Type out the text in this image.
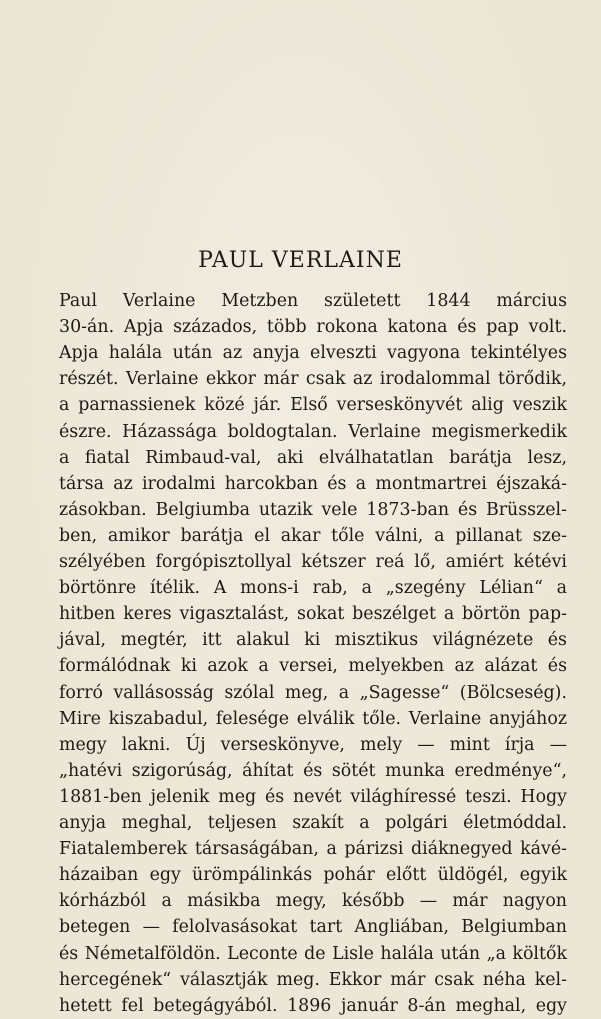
PAUL VERLAINE
Paul Verlaine Metzben született 1844 március
30-án. Apja százados, több rokona katona és pap volt.
Apja halála után az anyja elveszti vagyona tekintélyes
részét. Verlaine ekkor már csak az irodalommal törődik,
a parnassienek közé jár. Első verseskönyvét alig veszik
észre. Házassága boldogtalan. Verlaine megismerkedik
a fiatal Rimbaud-val, aki elválhatatlan barátja lesz,
társa az irodalmi harcokban és a montmartrei éjszaká-
zásokban. Belgiumba utazik vele 1873-ban és Brüsszel-
ben, amikor barátja el akar tőle válni, a pillanat sze-
szélyében forgópisztollyal kétszer reá lő, amiért kétévi
börtönre ítélik. A mons-i rab, a „szegény Lélian“ a
hitben keres vigasztalást, sokat beszélget a börtön pap-
jával, megtér, itt alakul ki misztikus világnézete és
formálódnak ki azok a versei, melyekben az alázat és
forró vallásosság szólal meg, a „Sagesse“ (Bölcseség).
Mire kiszabadul, felesége elválik tőle. Verlaine anyjához
megy lakni. Új verseskönyve, mely — mint írja —
„hatévi szigorúság, áhítat és sötét munka eredménye“,
1881-ben jelenik meg és nevét világhíressé teszi. Hogy
anyja meghal, teljesen szakít a polgári életmóddal.
Fiatalemberek társaságában, a párizsi diáknegyed kávé-
házaiban egy ürömpálinkás pohár előtt üldögél, egyik
kórházból a másikba megy, később — már nagyon
betegen — felolvasásokat tart Angliában, Belgiumban
és Németalföldön. Leconte de Lisle halála után „a költők
hercegének“ választják meg. Ekkor már csak néha kel-
hetett fel betegágyából. 1896 január 8-án meghal, egy
